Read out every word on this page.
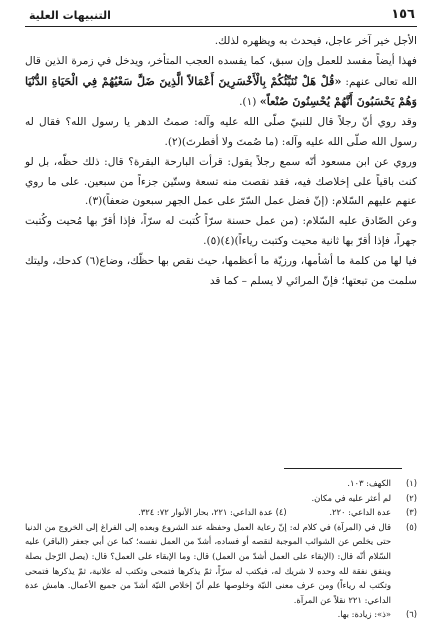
١٥٦
التنبيهات العلية

الأجل خير آخر عاجل، فيحدث به ويظهره لذلك.

فهذا أيضاً مفسد للعمل وإن سبق، كما يفسده العجب المتأخر، ويدخل في زمرة الذين قال الله تعالى عنهم: «قُلْ هَلْ نُنَبِّئُكُمْ بِالْأَخْسَرِينَ أَعْمَالاً الَّذِينَ ضَلَّ سَعْيُهُمْ فِي الْحَيَاةِ الدُّنْيَا وَهُمْ يَحْسَبُونَ أَنَّهُمْ يُحْسِنُونَ صُنْعاً» (١).

وقد روي أنّ رجلاً قال للنبيّ صلّى الله عليه وآله: صمتُ الدهر يا رسول الله؟ فقال له رسول الله صلّى الله عليه وآله: (ما صُمتَ ولا أفطرتَ)(٢).

وروي عن ابن مسعود أنّه سمع رجلاً يقول: قرأت البارحة البقرة؟ قال: ذلك حظّه، بل لو كنت باقياً على إخلاصك فيه، فقد نقصت منه تسعة وستّين جزءاً من سبعين. على ما روي عنهم عليهم السّلام: (إنّ فضل عمل السّرّ على عمل الجهر سبعون ضعفاً)(٣).

وعن الصّادق عليه السّلام: (من عمل حسنة سرّاً كُتبت له سرّاً، فإذا أقرّ بها مُحيت وكُتبت جهراً، فإذا أقرّ بها ثانية محيت وكتبت رياءاً)(٤)(٥).

فيا لها من كلمة ما أشأمها، ورزيّة ما أعظمها، حيث نقص بها حظّك، وضاع(٦) كدحك، وليتك سلمت من تبعتها؛ فإنّ المرائي لا يسلم – كما قد

(١)
الكهف: ١٠٣.
(٢)
لم أعثر عليه في مكان.
(٣)
عدة الداعي: ٢٢٠. (٤) عدة الداعي: ٢٢١، بحار الأنوار ٧٢: ٣٢٤.
(٥)
قال في (المرآة) في كلام له: إنّ رعاية العمل وحفظه عند الشروع وبعده إلى الفراغ إلى الخروج من الدنيا حتى يخلص عن الشوائب الموجبة لنقصه أو فساده، أشدّ من العمل نفسه؛ كما عن أبي جعفر (الباقر) عليه السّلام أنّه قال: (الإبقاء على العمل أشدّ من العمل) قال: وما الإبقاء على العمل؟ قال: (يصل الرّجل بصلة وينفق نفقة لله وحده لا شريك له، فيكتب له سرّاً، ثمّ يذكرها فتمحى وتكتب له علانية، ثمّ يذكرها فتمحى وتكتب له رياءاً) ومن عرف معنى النيّة وخلوصها علم أنّ إخلاص النيّة أشدّ من جميع الأعمال. هامش عدة الداعي: ٢٢١ نقلاً عن المرآة.
(٦)
«ذ»: زيادة: بها.
